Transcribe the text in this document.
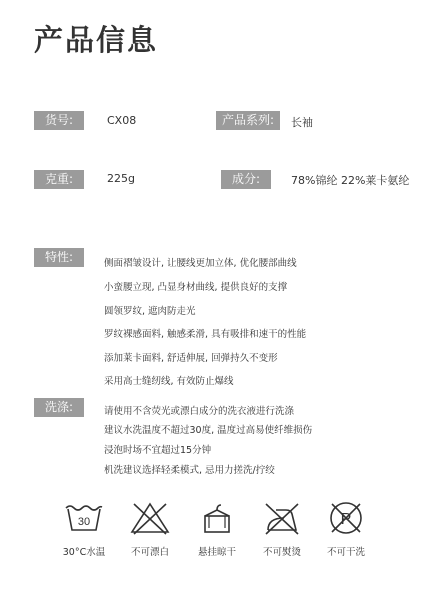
产品信息
货号:	CX08	产品系列:	长袖
克重:	225g	成分:	78%锦纶 22%莱卡氨纶
特性:	侧面褶皱设计, 让腰线更加立体, 优化腰部曲线
小蛮腰立现, 凸显身材曲线, 提供良好的支撑
圆领罗纹, 遮肉防走光
罗纹裸感面料, 触感柔滑, 具有吸排和速干的性能
添加莱卡面料, 舒适伸展, 回弹持久不变形
采用高士缝纫线, 有效防止爆线
洗涤:	请使用不含荧光或漂白成分的洗衣液进行洗涤
建议水洗温度不超过30度, 温度过高易使纤维损伤
浸泡时场不宜超过15分钟
机洗建议选择轻柔模式, 忌用力搓洗/拧绞
30	P
30°C水温	不可漂白	悬挂晾干	不可熨烫	不可干洗
